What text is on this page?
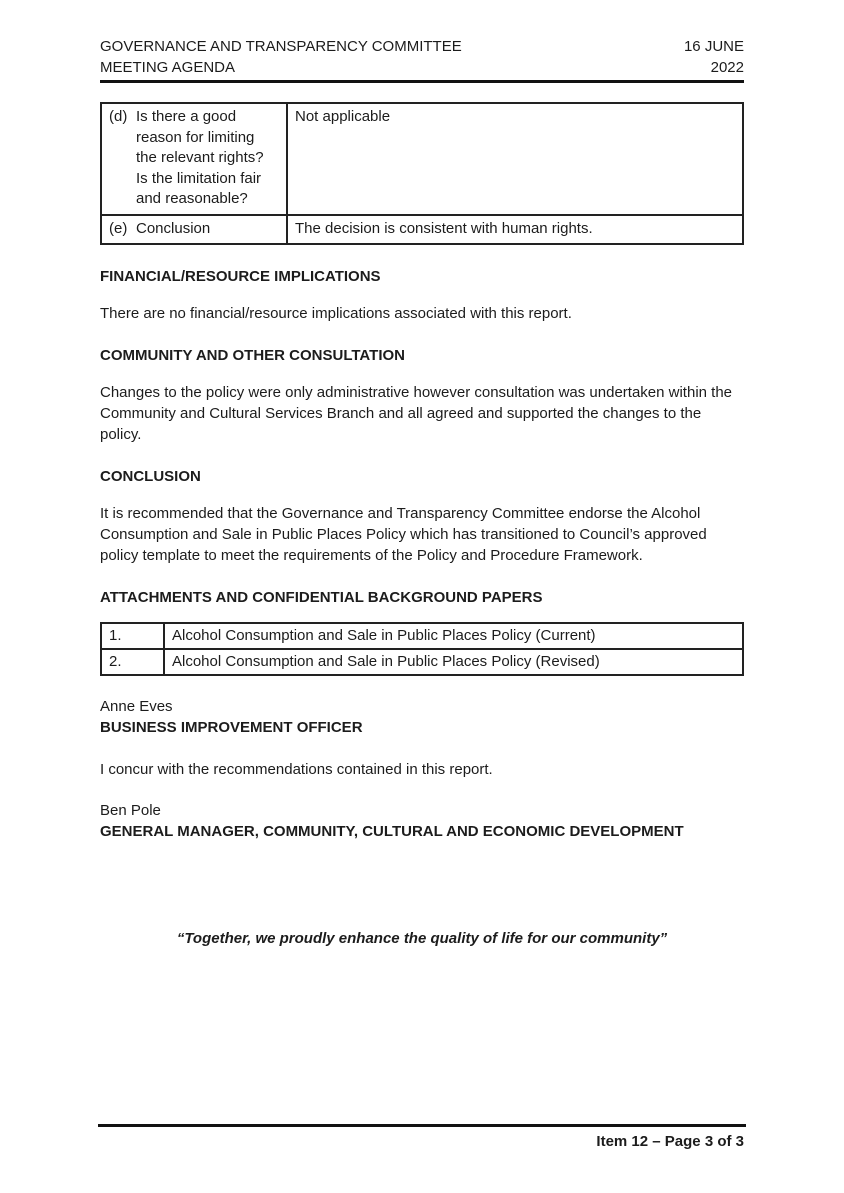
GOVERNANCE AND TRANSPARENCY COMMITTEE
MEETING AGENDA
16 JUNE
2022
(d) Is there a good reason for limiting the relevant rights? Is the limitation fair and reasonable?	Not applicable

(e) Conclusion	The decision is consistent with human rights.
FINANCIAL/RESOURCE IMPLICATIONS
There are no financial/resource implications associated with this report.
COMMUNITY AND OTHER CONSULTATION
Changes to the policy were only administrative however consultation was undertaken within the Community and Cultural Services Branch and all agreed and supported the changes to the policy.
CONCLUSION
It is recommended that the Governance and Transparency Committee endorse the Alcohol Consumption and Sale in Public Places Policy which has transitioned to Council’s approved policy template to meet the requirements of the Policy and Procedure Framework.
ATTACHMENTS AND CONFIDENTIAL BACKGROUND PAPERS
1.	Alcohol Consumption and Sale in Public Places Policy (Current)
2.	Alcohol Consumption and Sale in Public Places Policy (Revised)
Anne Eves
BUSINESS IMPROVEMENT OFFICER
I concur with the recommendations contained in this report.
Ben Pole
GENERAL MANAGER, COMMUNITY, CULTURAL AND ECONOMIC DEVELOPMENT
“Together, we proudly enhance the quality of life for our community”
Item 12 – Page 3 of 3
